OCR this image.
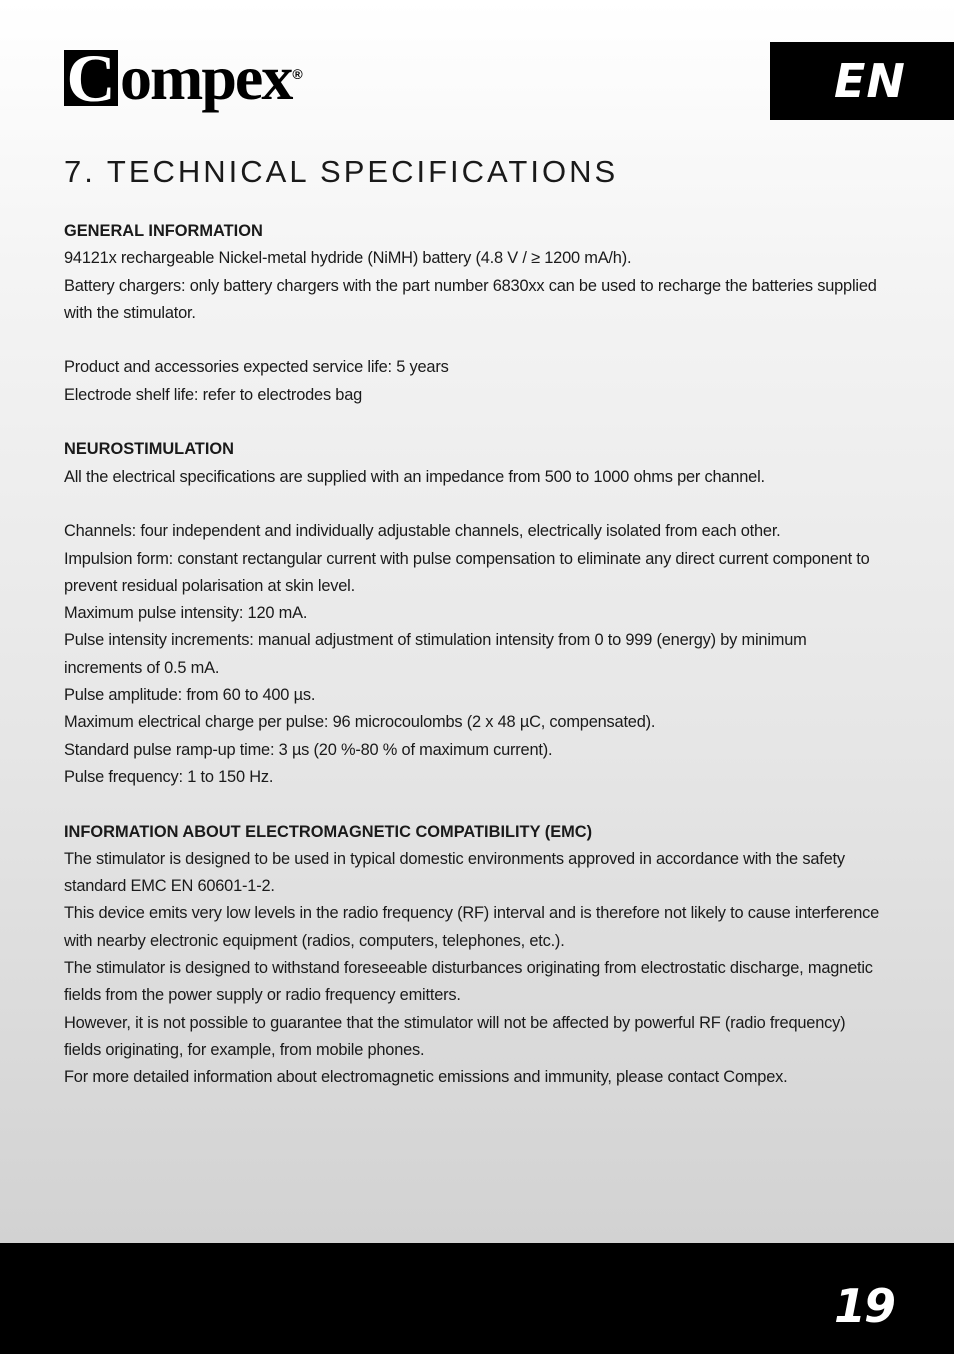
C ompex ®	EN
7. TECHNICAL SPECIFICATIONS
GENERAL INFORMATION

94121x rechargeable Nickel-metal hydride (NiMH) battery (4.8 V / ≥ 1200 mA/h).

Battery chargers: only battery chargers with the part number 6830xx can be used to recharge the batteries supplied with the stimulator.

Product and accessories expected service life: 5 years

Electrode shelf life: refer to electrodes bag

NEUROSTIMULATION

All the electrical specifications are supplied with an impedance from 500 to 1000 ohms per channel.

Channels: four independent and individually adjustable channels, electrically isolated from each other.

Impulsion form: constant rectangular current with pulse compensation to eliminate any direct current component to prevent residual polarisation at skin level.

Maximum pulse intensity: 120 mA.

Pulse intensity increments: manual adjustment of stimulation intensity from 0 to 999 (energy) by minimum increments of 0.5 mA.

Pulse amplitude: from 60 to 400 µs.

Maximum electrical charge per pulse: 96 microcoulombs (2 x 48 µC, compensated).

Standard pulse ramp-up time: 3 µs (20 %-80 % of maximum current).

Pulse frequency: 1 to 150 Hz.

INFORMATION ABOUT ELECTROMAGNETIC COMPATIBILITY (EMC)

The stimulator is designed to be used in typical domestic environments approved in accordance with the safety standard EMC EN 60601-1-2.

This device emits very low levels in the radio frequency (RF) interval and is therefore not likely to cause interference with nearby electronic equipment (radios, computers, telephones, etc.).

The stimulator is designed to withstand foreseeable disturbances originating from electrostatic discharge, magnetic fields from the power supply or radio frequency emitters.

However, it is not possible to guarantee that the stimulator will not be affected by powerful RF (radio frequency) fields originating, for example, from mobile phones.

For more detailed information about electromagnetic emissions and immunity, please contact Compex.

19
